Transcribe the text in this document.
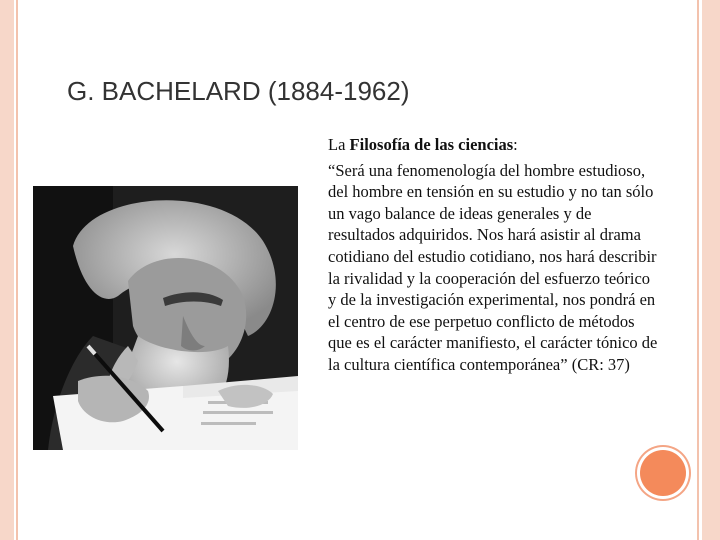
G. BACHELARD (1884-1962)

La Filosofía de las ciencias:

“Será una fenomenología del hombre estudioso, del hombre en tensión en su estudio y no tan sólo un vago balance de ideas generales y de resultados adquiridos. Nos hará asistir al drama cotidiano del estudio cotidiano, nos hará describir la rivalidad y la cooperación del esfuerzo teórico y de la investigación experimental, nos pondrá en el centro de ese perpetuo conflicto de métodos que es el carácter manifiesto, el carácter tónico de la cultura científica contemporánea” (CR: 37)
